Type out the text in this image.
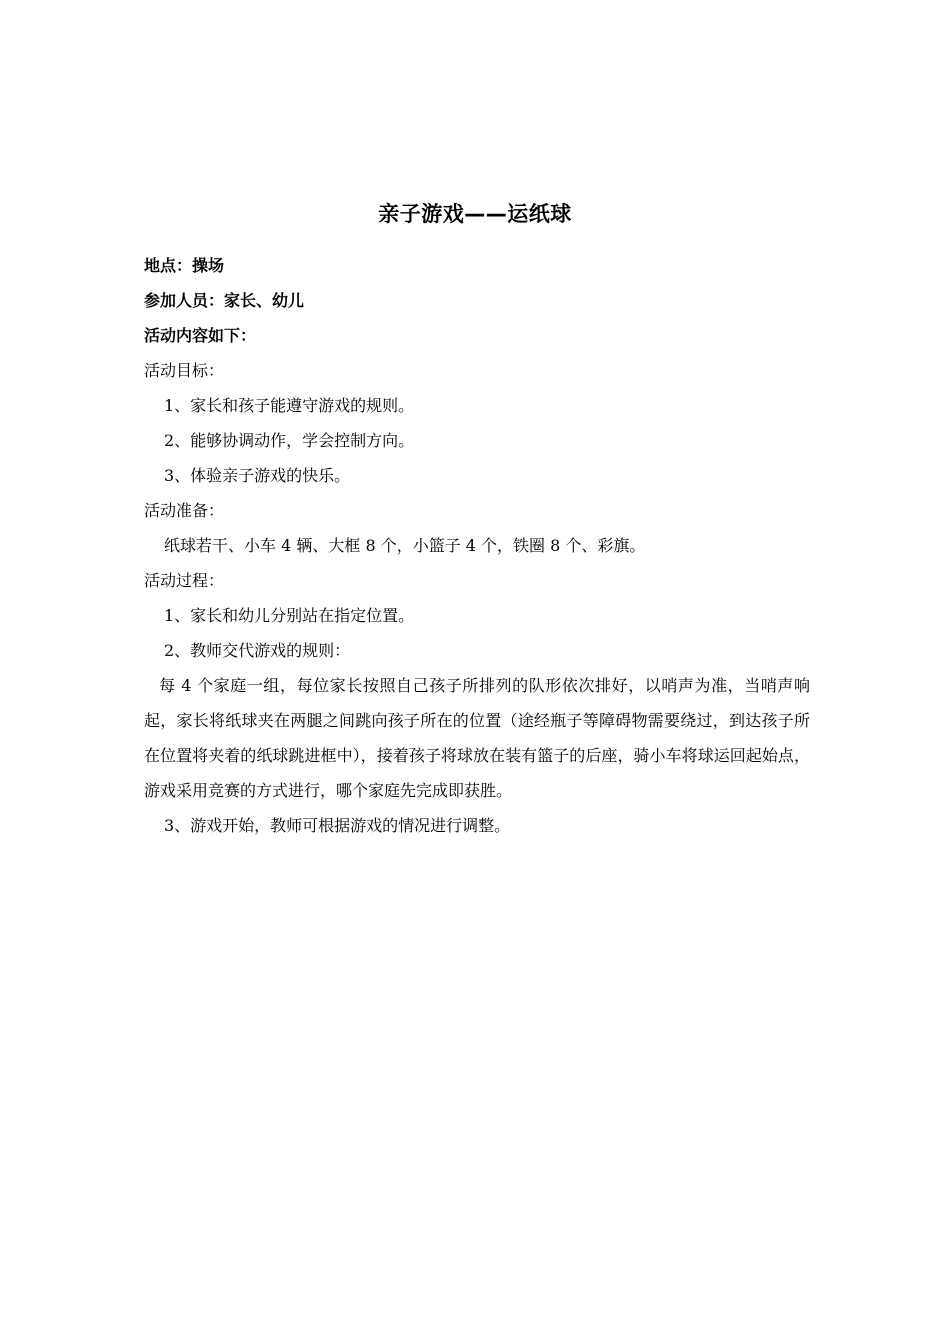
亲子游戏——运纸球
地点：操场
参加人员：家长、幼儿
活动内容如下：
活动目标：
1、家长和孩子能遵守游戏的规则。
2、能够协调动作，学会控制方向。
3、体验亲子游戏的快乐。
活动准备：
纸球若干、小车 4 辆、大框 8 个，小篮子 4 个，铁圈 8 个、彩旗。
活动过程：
1、家长和幼儿分别站在指定位置。
2、教师交代游戏的规则：

每 4 个家庭一组，每位家长按照自己孩子所排列的队形依次排好，以哨声为准，当哨声响起，家长将纸球夹在两腿之间跳向孩子所在的位置（途经瓶子等障碍物需要绕过，到达孩子所在位置将夹着的纸球跳进框中），接着孩子将球放在装有篮子的后座，骑小车将球运回起始点，游戏采用竞赛的方式进行，哪个家庭先完成即获胜。

3、游戏开始，教师可根据游戏的情况进行调整。
